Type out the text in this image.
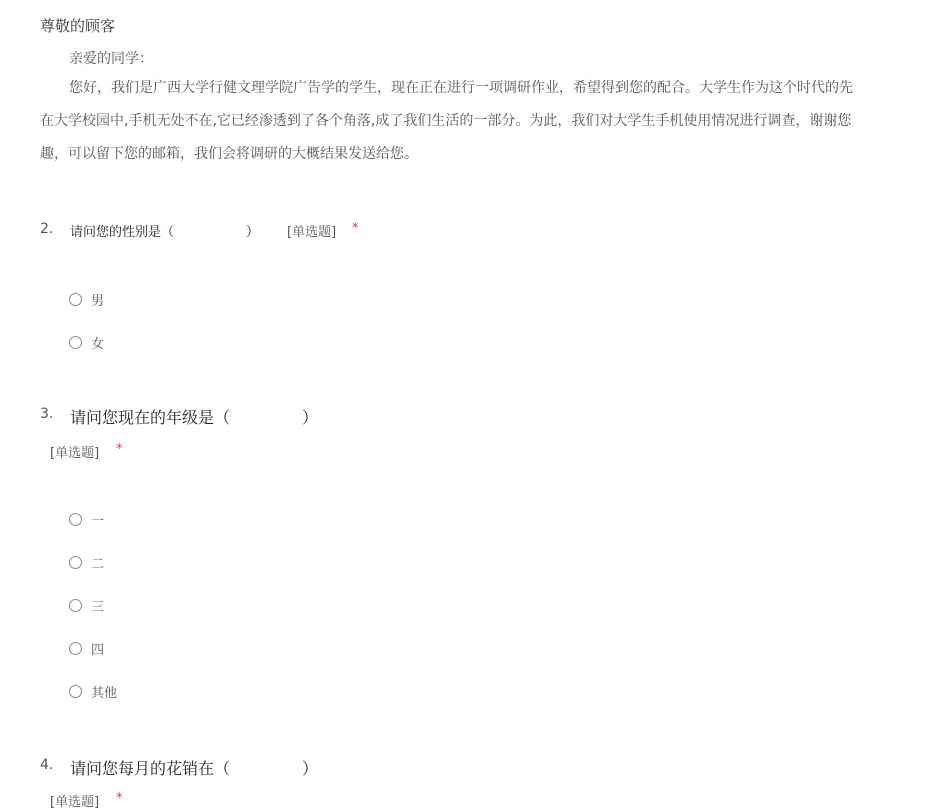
尊敬的顾客
亲爱的同学：
您好，我们是广西大学行健文理学院广告学的学生，现在正在进行一项调研作业，希望得到您的配合。大学生作为这个时代的先
在大学校园中,手机无处不在,它已经渗透到了各个角落,成了我们生活的一部分。为此，我们对大学生手机使用情况进行调查，谢谢您
趣，可以留下您的邮箱，我们会将调研的大概结果发送给您。
2. 请问您的性别是（	） [单选题] *
男
女
3. 请问您现在的年级是（	）
[单选题] *
一
二
三
四
其他
4. 请问您每月的花销在（	）
[单选题] *
